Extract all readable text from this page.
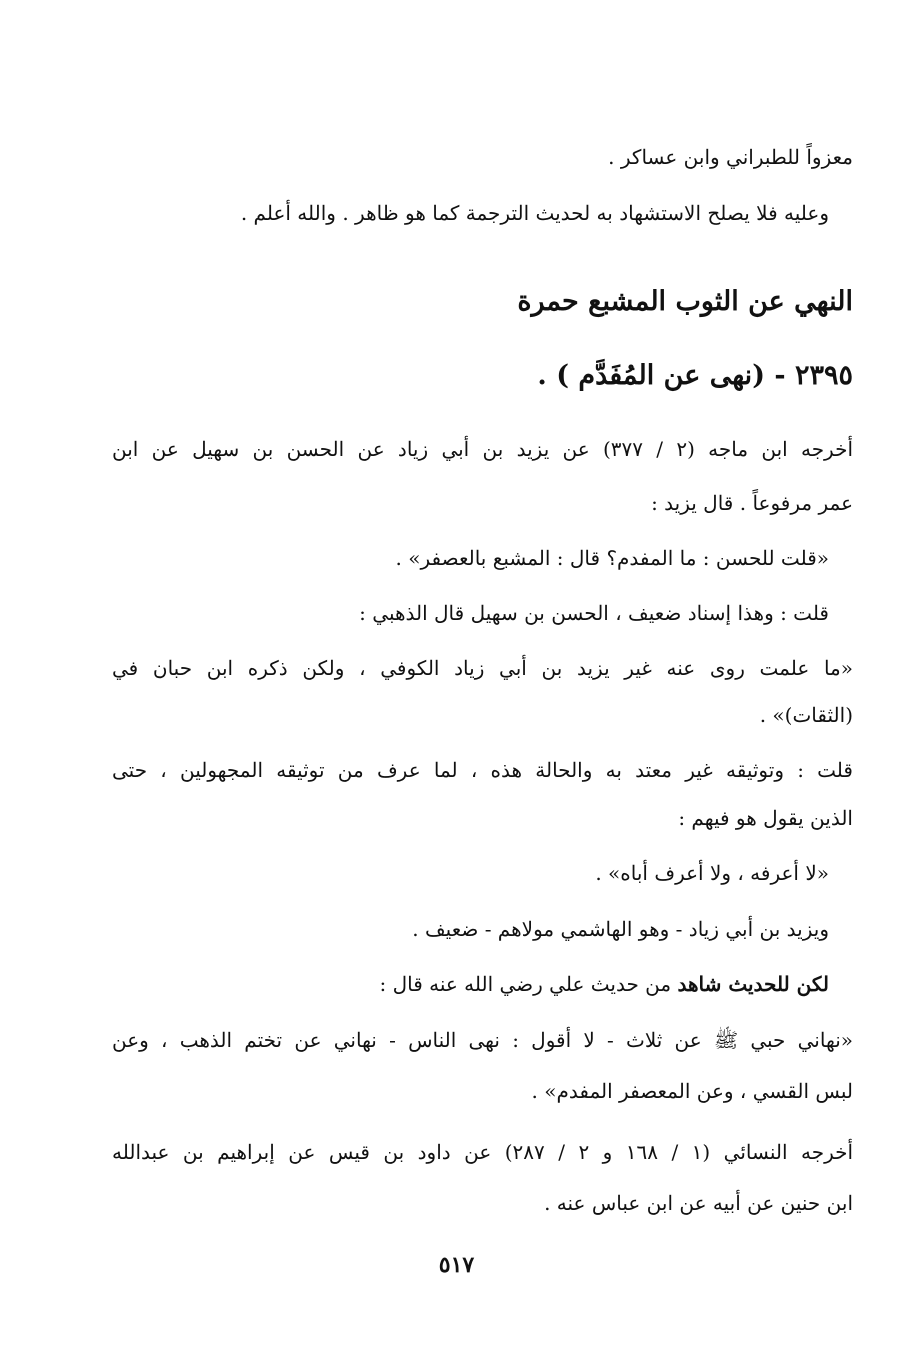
معزواً للطبراني وابن عساكر .
وعليه فلا يصلح الاستشهاد به لحديث الترجمة كما هو ظاهر . والله أعلم .
النهي عن الثوب المشبع حمرة
٢٣٩٥ - (نهى عن المُفَدَّم ) .
أخرجه ابن ماجه (٢ / ٣٧٧) عن يزيد بن أبي زياد عن الحسن بن سهيل عن ابن
عمر مرفوعاً . قال يزيد :
«قلت للحسن : ما المفدم؟ قال : المشبع بالعصفر» .
قلت : وهذا إسناد ضعيف ، الحسن بن سهيل قال الذهبي :
«ما علمت روى عنه غير يزيد بن أبي زياد الكوفي ، ولكن ذكره ابن حبان في
(الثقات)» .
قلت : وتوثيقه غير معتد به والحالة هذه ، لما عرف من توثيقه المجهولين ، حتى
الذين يقول هو فيهم :
«لا أعرفه ، ولا أعرف أباه» .
ويزيد بن أبي زياد - وهو الهاشمي مولاهم - ضعيف .
لكن للحديث شاهد من حديث علي رضي الله عنه قال :
«نهاني حبي ﷺ عن ثلاث - لا أقول : نهى الناس - نهاني عن تختم الذهب ، وعن
لبس القسي ، وعن المعصفر المفدم» .
أخرجه النسائي (١ / ١٦٨ و ٢ / ٢٨٧) عن داود بن قيس عن إبراهيم بن عبدالله
ابن حنين عن أبيه عن ابن عباس عنه .
٥١٧
